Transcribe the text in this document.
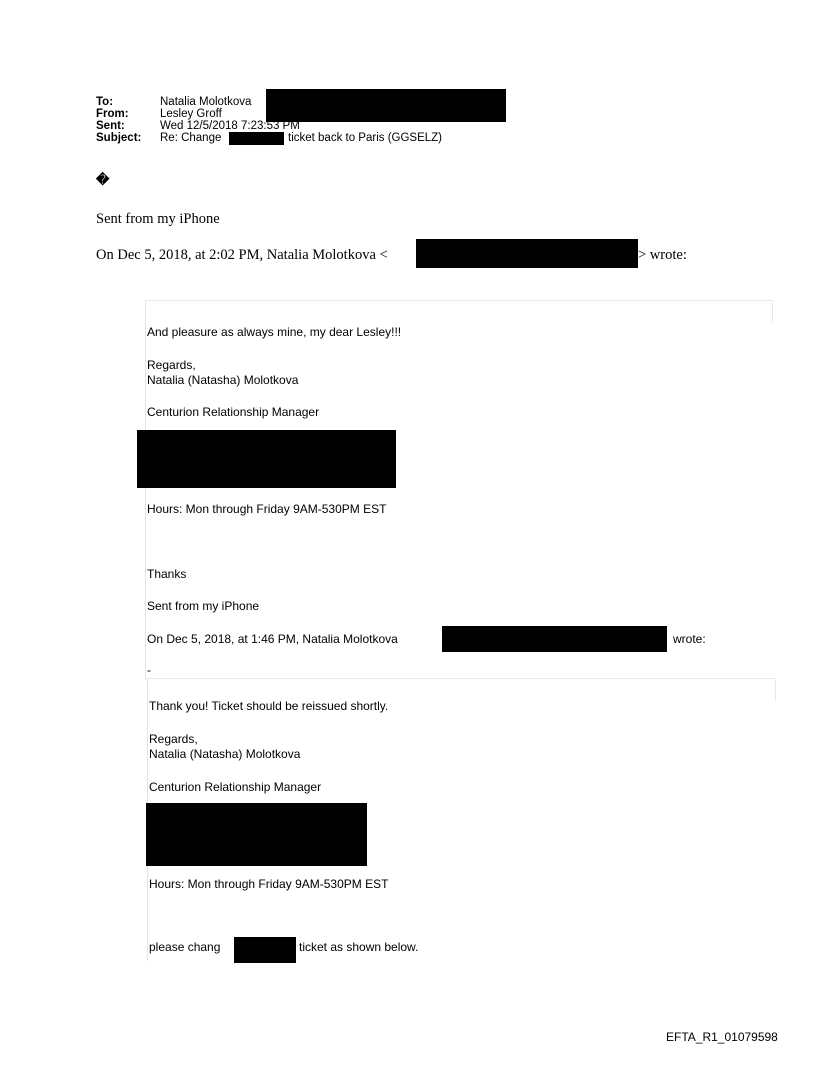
To:	Natalia Molotkova
From:	Lesley Groff
Sent:	Wed 12/5/2018 7:23:53 PM
Subject: Re: Change	ticket back to Paris (GGSELZ)
�
Sent from my iPhone
On Dec 5, 2018, at 2:02 PM, Natalia Molotkova <	> wrote:
And pleasure as always mine, my dear Lesley!!!
Regards,
Natalia (Natasha) Molotkova
Centurion Relationship Manager
Hours: Mon through Friday 9AM-530PM EST
Thanks
Sent from my iPhone
On Dec 5, 2018, at 1:46 PM, Natalia Molotkova	wrote:
-
Thank you! Ticket should be reissued shortly.
Regards,
Natalia (Natasha) Molotkova
Centurion Relationship Manager
Hours: Mon through Friday 9AM-530PM EST
please chang	ticket as shown below.
EFTA_R1_01079598
